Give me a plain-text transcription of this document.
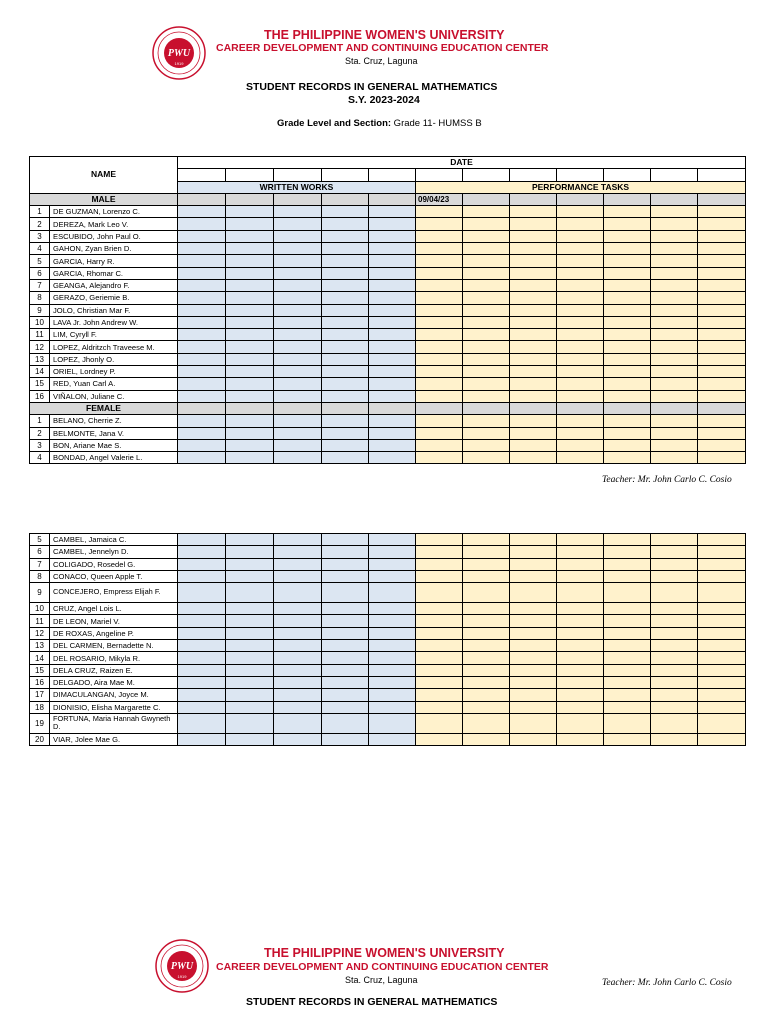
PWU
1919
THE PHILIPPINE WOMEN'S UNIVERSITY
CAREER DEVELOPMENT AND CONTINUING EDUCATION CENTER
Sta. Cruz, Laguna
STUDENT RECORDS IN GENERAL MATHEMATICS
S.Y. 2023-2024
Grade Level and Section: Grade 11- HUMSS B
NAME		DATE											

		WRITTEN WORKS					PERFORMANCE TASKS						
MALE							09/04/23						
1	DE GUZMAN, Lorenzo C.												
2	DEREZA, Mark Leo V.												
3	ESCUBIDO, John Paul O.												
4	GAHON, Zyan Brien D.												
5	GARCIA, Harry R.												
6	GARCIA, Rhomar C.												
7	GEANGA, Alejandro F.												
8	GERAZO, Geriemie B.												
9	JOLO, Christian Mar F.												
10	LAVA Jr. John Andrew W.												
11	LIM, Cyryll F.												
12	LOPEZ, Aldritzch Traveese M.												
13	LOPEZ, Jhonly O.												
14	ORIEL, Lordney P.												
15	RED, Yuan Carl A.												
16	VIÑALON, Juliane C.												
FEMALE													
1	BELANO, Cherrie Z.												
2	BELMONTE, Jana V.												
3	BON, Ariane Mae S.												
4	BONDAD, Angel Valerie L.												
Teacher: Mr. John Carlo C. Cosio
5	CAMBEL, Jamaica C.												
6	CAMBEL, Jennelyn D.												
7	COLIGADO, Rosedel G.												
8	CONACO, Queen Apple T.												
9	CONCEJERO, Empress Elijah F.												
10	CRUZ, Angel Lois L.												
11	DE LEON, Mariel V.												
12	DE ROXAS, Angeline P.												
13	DEL CARMEN, Bernadette N.												
14	DEL ROSARIO, Mikyla R.												
15	DELA CRUZ, Raizen E.												
16	DELGADO, Aira Mae M.												
17	DIMACULANGAN, Joyce M.												
18	DIONISIO, Elisha Margarette C.												
19	FORTUNA, Maria Hannah Gwyneth D.												
20	VIAR, Jolee Mae G.												
PWU
1919
THE PHILIPPINE WOMEN'S UNIVERSITY
CAREER DEVELOPMENT AND CONTINUING EDUCATION CENTER
Sta. Cruz, Laguna	Teacher: Mr. John Carlo C. Cosio
STUDENT RECORDS IN GENERAL MATHEMATICS
